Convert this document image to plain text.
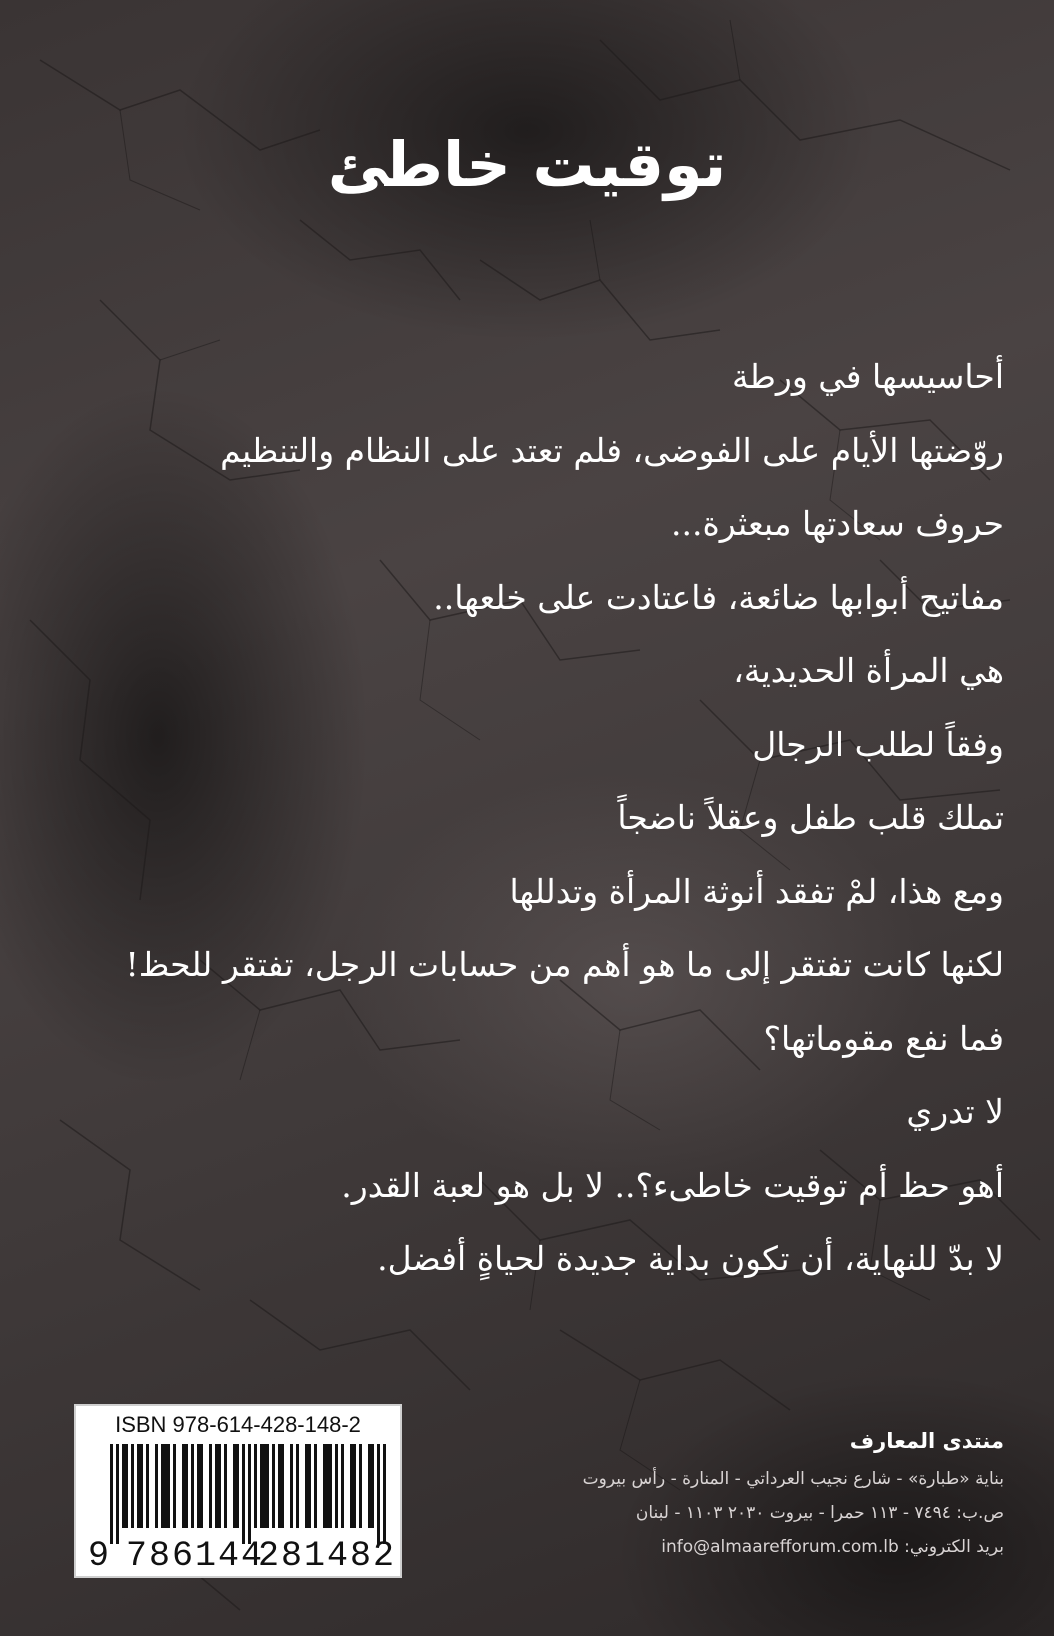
توقيت خاطئ
أحاسيسها في ورطة
روّضتها الأيام على الفوضى، فلم تعتد على النظام والتنظيم
حروف سعادتها مبعثرة...
مفاتيح أبوابها ضائعة، فاعتادت على خلعها..
هي المرأة الحديدية،
وفقاً لطلب الرجال
تملك قلب طفل وعقلاً ناضجاً
ومع هذا، لمْ تفقد أنوثة المرأة وتدللها
لكنها كانت تفتقر إلى ما هو أهم من حسابات الرجل، تفتقر للحظ!
فما نفع مقوماتها؟
لا تدري
أهو حظ أم توقيت خاطىء؟.. لا بل هو لعبة القدر.
لا بدّ للنهاية، أن تكون بداية جديدة لحياةٍ أفضل.
ISBN 978-614-428-148-2
9 786144
281482
منتدى المعارف
بناية «طبارة» - شارع نجيب العرداتي - المنارة - رأس بيروت
ص.ب: ٧٤٩٤ - ١١٣ حمرا - بيروت ٢٠٣٠ ١١٠٣ - لبنان
بريد الكتروني: info@almaarefforum.com.lb
